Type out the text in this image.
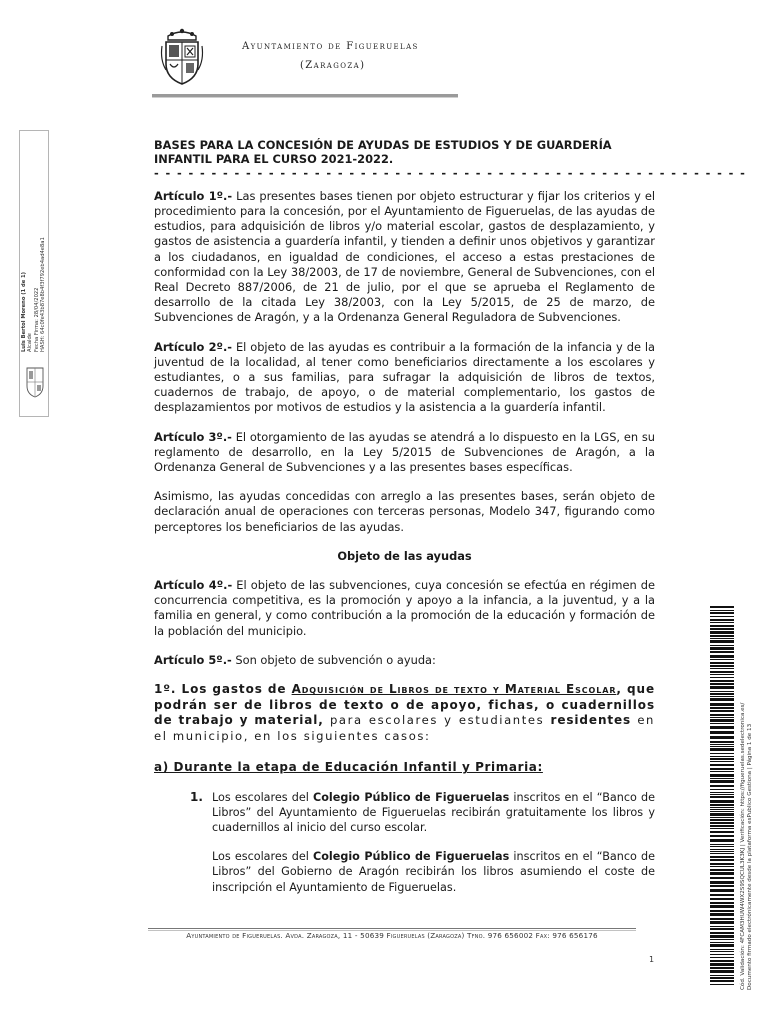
Ayuntamiento de Figueruelas
(Zaragoza)
Luis Bertol Moreno (1 de 1) Alcalde Fecha Firma: 28/04/2022 HASH: 64c0fe43b87e8b4f3f792eb4ad4e8a1
Cód. Validación: 4FCAM3HUW4WX2S9SQCUL3K3KJ | Verificación: https://figueruelas.sedelectronica.es/ Documento firmado electrónicamente desde la plataforma esPublico Gestiona | Página 1 de 13
BASES PARA LA CONCESIÓN DE AYUDAS DE ESTUDIOS Y DE GUARDERÍA INFANTIL PARA EL CURSO 2021-2022.
- - - - - - - - - - - - - - - - - - - - - - - - - - - - - - - - - - - - - - - - - - - - - - - - - - - -

Artículo 1º.- Las presentes bases tienen por objeto estructurar y fijar los criterios y el procedimiento para la concesión, por el Ayuntamiento de Figueruelas, de las ayudas de estudios, para adquisición de libros y/o material escolar, gastos de desplazamiento, y gastos de asistencia a guardería infantil, y tienden a definir unos objetivos y garantizar a los ciudadanos, en igualdad de condiciones, el acceso a estas prestaciones de conformidad con la Ley 38/2003, de 17 de noviembre, General de Subvenciones, con el Real Decreto 887/2006, de 21 de julio, por el que se aprueba el Reglamento de desarrollo de la citada Ley 38/2003, con la Ley 5/2015, de 25 de marzo, de Subvenciones de Aragón, y a la Ordenanza General Reguladora de Subvenciones.

Artículo 2º.- El objeto de las ayudas es contribuir a la formación de la infancia y de la juventud de la localidad, al tener como beneficiarios directamente a los escolares y estudiantes, o a sus familias, para sufragar la adquisición de libros de textos, cuadernos de trabajo, de apoyo, o de material complementario, los gastos de desplazamientos por motivos de estudios y la asistencia a la guardería infantil.

Artículo 3º.- El otorgamiento de las ayudas se atendrá a lo dispuesto en la LGS, en su reglamento de desarrollo, en la Ley 5/2015 de Subvenciones de Aragón, a la Ordenanza General de Subvenciones y a las presentes bases específicas.

Asimismo, las ayudas concedidas con arreglo a las presentes bases, serán objeto de declaración anual de operaciones con terceras personas, Modelo 347, figurando como perceptores los beneficiarios de las ayudas.

Objeto de las ayudas

Artículo 4º.- El objeto de las subvenciones, cuya concesión se efectúa en régimen de concurrencia competitiva, es la promoción y apoyo a la infancia, a la juventud, y a la familia en general, y como contribución a la promoción de la educación y formación de la población del municipio.

Artículo 5º.- Son objeto de subvención o ayuda:

1º. Los gastos de Adquisición de Libros de texto y Material Escolar, que podrán ser de libros de texto o de apoyo, fichas, o cuadernillos de trabajo y material, para escolares y estudiantes residentes en el municipio, en los siguientes casos:
a) Durante la etapa de Educación Infantil y Primaria:
1. Los escolares del Colegio Público de Figueruelas inscritos en el “Banco de Libros” del Ayuntamiento de Figueruelas recibirán gratuitamente los libros y cuadernillos al inicio del curso escolar.

Los escolares del Colegio Público de Figueruelas inscritos en el “Banco de Libros” del Gobierno de Aragón recibirán los libros asumiendo el coste de inscripción el Ayuntamiento de Figueruelas.

Ayuntamiento de Figueruelas. Avda. Zaragoza, 11 - 50639 Figueruelas (Zaragoza) Tfno. 976 656002 Fax: 976 656176
1
